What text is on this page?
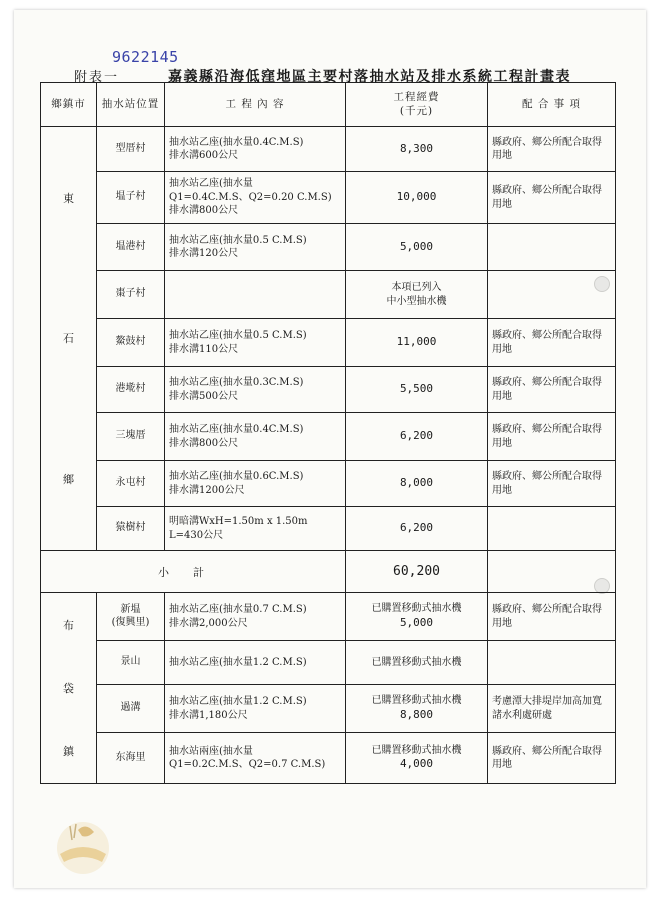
9622145
附表一	嘉義縣沿海低窪地區主要村落抽水站及排水系統工程計畫表
鄉鎮市	抽水站位置	工 程 內 容	工程經費
(千元)	配 合 事 項

東
石
鄉	型厝村	抽水站乙座(抽水量0.4C.M.S)
排水溝600公尺	8,300	縣政府、鄉公所配合取得用地
	塭子村	抽水站乙座(抽水量
Q1=0.4C.M.S、Q2=0.20 C.M.S)
排水溝800公尺	10,000	縣政府、鄉公所配合取得用地
	塭港村	抽水站乙座(抽水量0.5 C.M.S)
排水溝120公尺	5,000	
	棗子村		本項已列入
中小型抽水機	

	鰲鼓村	抽水站乙座(抽水量0.5 C.M.S)
排水溝110公尺	11,000	縣政府、鄉公所配合取得用地
	港墘村	抽水站乙座(抽水量0.3C.M.S)
排水溝500公尺	5,500	縣政府、鄉公所配合取得用地
	三塊厝	抽水站乙座(抽水量0.4C.M.S)
排水溝800公尺	6,200	縣政府、鄉公所配合取得用地
	永屯村	抽水站乙座(抽水量0.6C.M.S)
排水溝1200公尺	8,000	縣政府、鄉公所配合取得用地
	猿樹村	明暗溝WxH=1.50m x 1.50m
L=430公尺	6,200	
小計			60,200	

布
袋
鎮	新塭
(復興里)	抽水站乙座(抽水量0.7 C.M.S)
排水溝2,000公尺	已購置移動式抽水機
5,000	縣政府、鄉公所配合取得用地
	景山	抽水站乙座(抽水量1.2 C.M.S)	已購置移動式抽水機	

	過溝	抽水站乙座(抽水量1.2 C.M.S)
排水溝1,180公尺	已購置移動式抽水機
8,800	考慮潭大排堤岸加高加寬諸水利處研處
	东海里	抽水站兩座(抽水量
Q1=0.2C.M.S、Q2=0.7 C.M.S)	已購置移動式抽水機
4,000	縣政府、鄉公所配合取得用地
